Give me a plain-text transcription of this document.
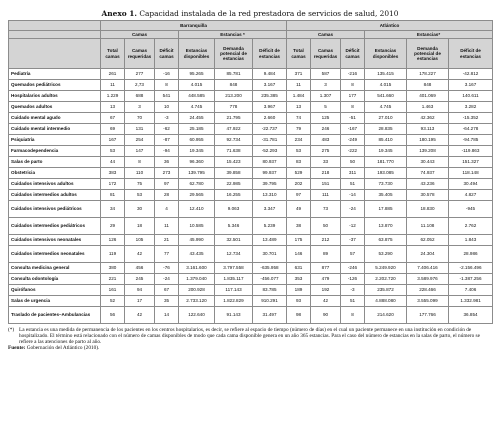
Anexo 1. Capacidad instalada de la red prestadora de servicios de salud, 2010
	Barranquilla						Atlántico					
	Camas			Estancias *			Camas			Estancias*		
	Total camas	Camas requeridas	Déficit camas	Estancias disponibles	Demanda potencial de estancias	Déficit de estancias	Total camas	Camas requeridas	Déficit camas	Estancias disponibles	Demanda potencial de estancias	Déficit de estancias
Pediatría	261	277	-16	95.265	85.781	9.484	371	587	-216	135.415	178.227	-42.812
Quemados pediátricos	11	2,73	8	4.015	848	3.167	11	3	8	4.015	848	3.167
Hospitalarios adultos	1.229	688	541	448.585	213.200	235.385	1.484	1.307	177	541.660	401.069	140.611
Quemados adultos	13	3	10	4.745	778	3.967	13	5	8	4.745	1.463	3.282
Cuidado mental agudo	67	70	-3	24.455	21.795	2.660	74	125	-51	27.010	42.362	-15.352
Cuidado mental intermedio	69	131	-62	25.185	47.922	-22.737	79	246	-167	28.835	93.113	-64.278
Psiquiatría	167	254	-87	60.955	92.734	-31.781	234	483	-249	85.410	180.195	-94.785
Farmacodependencia	53	147	-94	19.345	71.638	-52.293	53	275	-222	19.345	139.208	-119.863
Salas de parto	44	8	36	96.360	15.423	80.937	83	33	50	181.770	30.443	151.327
Obstetricia	383	110	273	139.795	39.858	99.937	529	218	311	193.085	74.937	118.148
Cuidados intensivos adultos	172	75	97	62.780	22.985	39.795	202	151	51	73.730	43.236	30.494
Cuidados intermedios adultos	81	53	28	29.565	16.255	13.310	97	111	-14	35.405	30.578	4.827
Cuidados intensivos pediátricos	34	30	4	12.410	9.063	3.347	49	73	-24	17.885	18.830	-945
Cuidados intermedios pediátricos	29	18	11	10.585	5.346	5.239	38	50	-12	13.870	11.108	2.762
Cuidados intensivos neonatales	126	105	21	45.990	32.501	13.489	175	212	-37	63.875	62.052	1.843
Cuidados intermedios neonatales	119	42	77	43.435	12.734	30.701	146	89	57	53.290	24.304	28.986
Consulta medicina general	380	456	-76	3.161.600	3.797.558	-635.958	631	877	-246	5.249.920	7.406.416	-2.156.496
Consulta odontología	221	245	-24	1.379.040	1.835.117	-456.077	353	479	-126	2.202.720	3.589.976	-1.387.256
Quirófanos	161	94	67	200.928	117.143	83.785	189	192	-3	235.872	228.466	7.406
Salas de urgencia	52	17	35	2.733.120	1.822.829	910.291	93	42	51	4.888.080	3.555.099	1.332.981
Traslado de pacientes–Ambulancias	56	42	14	122.640	91.143	31.497	98	90	8	214.620	177.766	36.854
(*) La estancia es una medida de permanencia de los pacientes en los centros hospitalarios, es decir, se refiere al espacio de tiempo (número de días) en el cual un paciente permanece en una institución en condición de hospitalizado. El término está relacionado con el número de camas disponibles de modo que cada cama disponible genera en un año 365 estancias. Para el caso del número de estancias en la salas de parto, el número se refiere a las atenciones de parto al año.
Fuente: Gobernación del Atlántico (2010).
